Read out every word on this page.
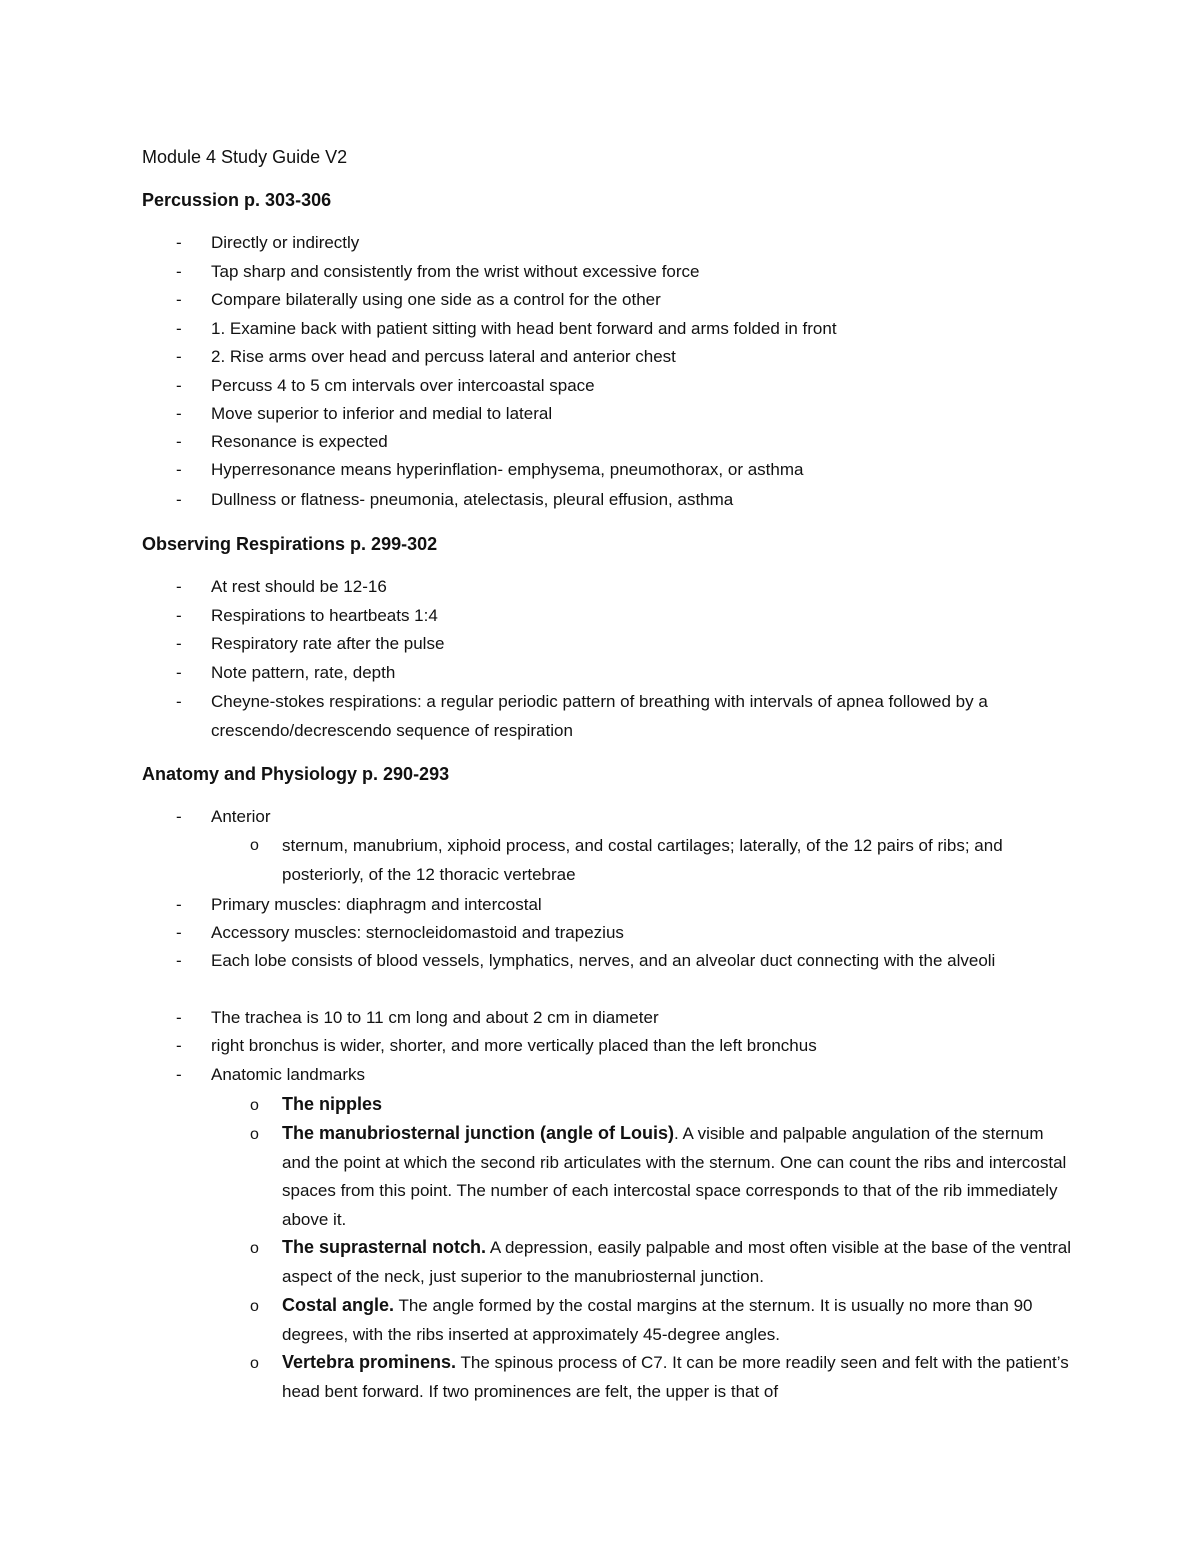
Module 4 Study Guide V2
Percussion p. 303-306
- Directly or indirectly
- Tap sharp and consistently from the wrist without excessive force
- Compare bilaterally using one side as a control for the other
- 1. Examine back with patient sitting with head bent forward and arms folded in front
- 2. Rise arms over head and percuss lateral and anterior chest
- Percuss 4 to 5 cm intervals over intercoastal space
- Move superior to inferior and medial to lateral
- Resonance is expected
- Hyperresonance means hyperinflation- emphysema, pneumothorax, or asthma
- Dullness or flatness- pneumonia, atelectasis, pleural effusion, asthma
Observing Respirations p. 299-302
- At rest should be 12-16
- Respirations to heartbeats 1:4
- Respiratory rate after the pulse
- Note pattern, rate, depth
- Cheyne-stokes respirations: a regular periodic pattern of breathing with intervals of apnea followed by a crescendo/decrescendo sequence of respiration
Anatomy and Physiology p. 290-293
- Anterior
o sternum, manubrium, xiphoid process, and costal cartilages; laterally, of the 12 pairs of ribs; and posteriorly, of the 12 thoracic vertebrae
- Primary muscles: diaphragm and intercostal
- Accessory muscles: sternocleidomastoid and trapezius
- Each lobe consists of blood vessels, lymphatics, nerves, and an alveolar duct connecting with the alveoli
- The trachea is 10 to 11 cm long and about 2 cm in diameter
- right bronchus is wider, shorter, and more vertically placed than the left bronchus
- Anatomic landmarks
o The nipples
o The manubriosternal junction (angle of Louis). A visible and palpable angulation of the sternum and the point at which the second rib articulates with the sternum. One can count the ribs and intercostal spaces from this point. The number of each intercostal space corresponds to that of the rib immediately above it.
o The suprasternal notch. A depression, easily palpable and most often visible at the base of the ventral aspect of the neck, just superior to the manubriosternal junction.
o Costal angle. The angle formed by the costal margins at the sternum. It is usually no more than 90 degrees, with the ribs inserted at approximately 45-degree angles.
o Vertebra prominens. The spinous process of C7. It can be more readily seen and felt with the patient’s head bent forward. If two prominences are felt, the upper is that of
